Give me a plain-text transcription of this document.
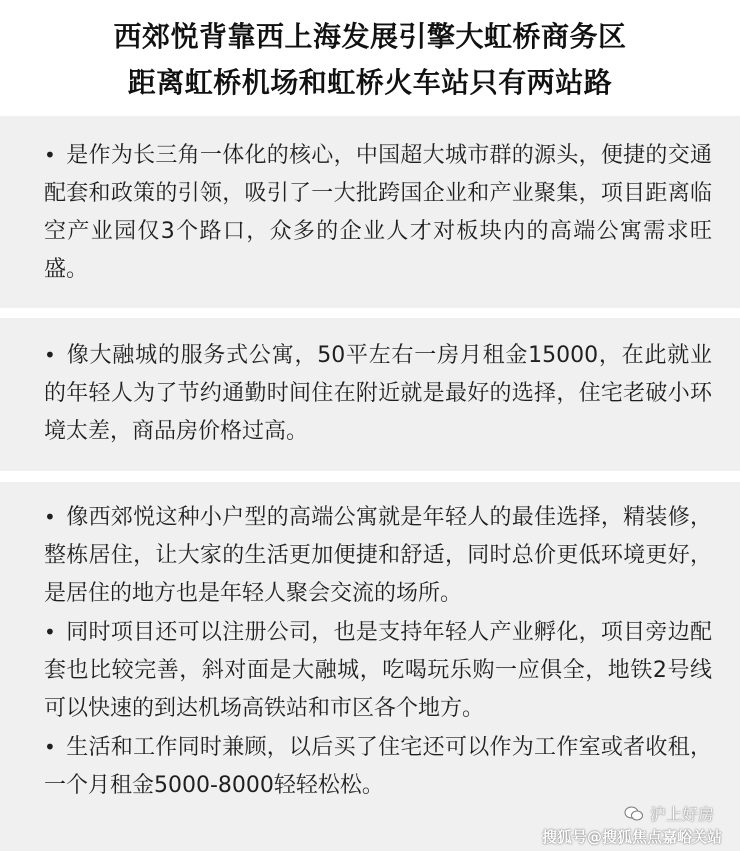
西郊悦背靠西上海发展引擎大虹桥商务区
距离虹桥机场和虹桥火车站只有两站路
• 是作为长三角一体化的核心，中国超大城市群的源头，便捷的交通配套和政策的引领，吸引了一大批跨国企业和产业聚集，项目距离临空产业园仅3个路口，众多的企业人才对板块内的高端公寓需求旺盛。
• 像大融城的服务式公寓，50平左右一房月租金15000，在此就业的年轻人为了节约通勤时间住在附近就是最好的选择，住宅老破小环境太差，商品房价格过高。
• 像西郊悦这种小户型的高端公寓就是年轻人的最佳选择，精装修，整栋居住，让大家的生活更加便捷和舒适，同时总价更低环境更好，是居住的地方也是年轻人聚会交流的场所。
• 同时项目还可以注册公司，也是支持年轻人产业孵化，项目旁边配套也比较完善，斜对面是大融城，吃喝玩乐购一应俱全，地铁2号线可以快速的到达机场高铁站和市区各个地方。
• 生活和工作同时兼顾，以后买了住宅还可以作为工作室或者收租，一个月租金5000-8000轻轻松松。
沪上好房
搜狐号@搜狐焦点嘉峪关站
